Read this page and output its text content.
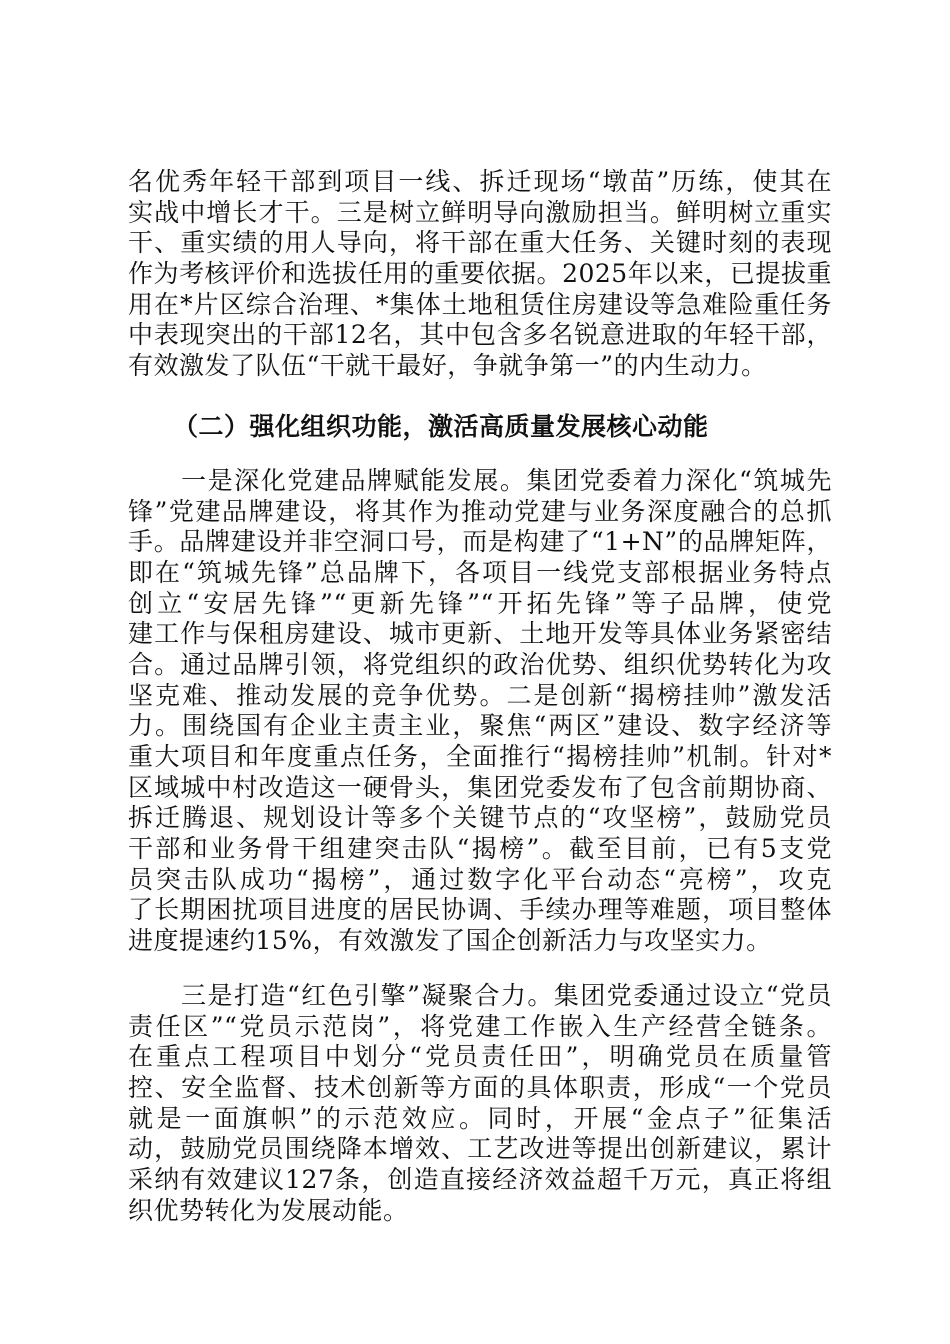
名优秀年轻干部到项目一线、拆迁现场“墩苗”历练，使其在
实战中增长才干。三是树立鲜明导向激励担当。鲜明树立重实
干、重实绩的用人导向，将干部在重大任务、关键时刻的表现
作为考核评价和选拔任用的重要依据。2025年以来，已提拔重
用在*片区综合治理、*集体土地租赁住房建设等急难险重任务
中表现突出的干部12名，其中包含多名锐意进取的年轻干部，
有效激发了队伍“干就干最好，争就争第一”的内生动力。
（二）强化组织功能，激活高质量发展核心动能
　　一是深化党建品牌赋能发展。集团党委着力深化“筑城先
锋”党建品牌建设，将其作为推动党建与业务深度融合的总抓
手。品牌建设并非空洞口号，而是构建了“1+N”的品牌矩阵，
即在“筑城先锋”总品牌下，各项目一线党支部根据业务特点
创立“安居先锋”“更新先锋”“开拓先锋”等子品牌，使党
建工作与保租房建设、城市更新、土地开发等具体业务紧密结
合。通过品牌引领，将党组织的政治优势、组织优势转化为攻
坚克难、推动发展的竞争优势。二是创新“揭榜挂帅”激发活
力。围绕国有企业主责主业，聚焦“两区”建设、数字经济等
重大项目和年度重点任务，全面推行“揭榜挂帅”机制。针对*
区域城中村改造这一硬骨头，集团党委发布了包含前期协商、
拆迁腾退、规划设计等多个关键节点的“攻坚榜”，鼓励党员
干部和业务骨干组建突击队“揭榜”。截至目前，已有5支党
员突击队成功“揭榜”，通过数字化平台动态“亮榜”，攻克
了长期困扰项目进度的居民协调、手续办理等难题，项目整体
进度提速约15%，有效激发了国企创新活力与攻坚实力。
　　三是打造“红色引擎”凝聚合力。集团党委通过设立“党员
责任区”“党员示范岗”，将党建工作嵌入生产经营全链条。
在重点工程项目中划分“党员责任田”，明确党员在质量管
控、安全监督、技术创新等方面的具体职责，形成“一个党员
就是一面旗帜”的示范效应。同时，开展“金点子”征集活
动，鼓励党员围绕降本增效、工艺改进等提出创新建议，累计
采纳有效建议127条，创造直接经济效益超千万元，真正将组
织优势转化为发展动能。
